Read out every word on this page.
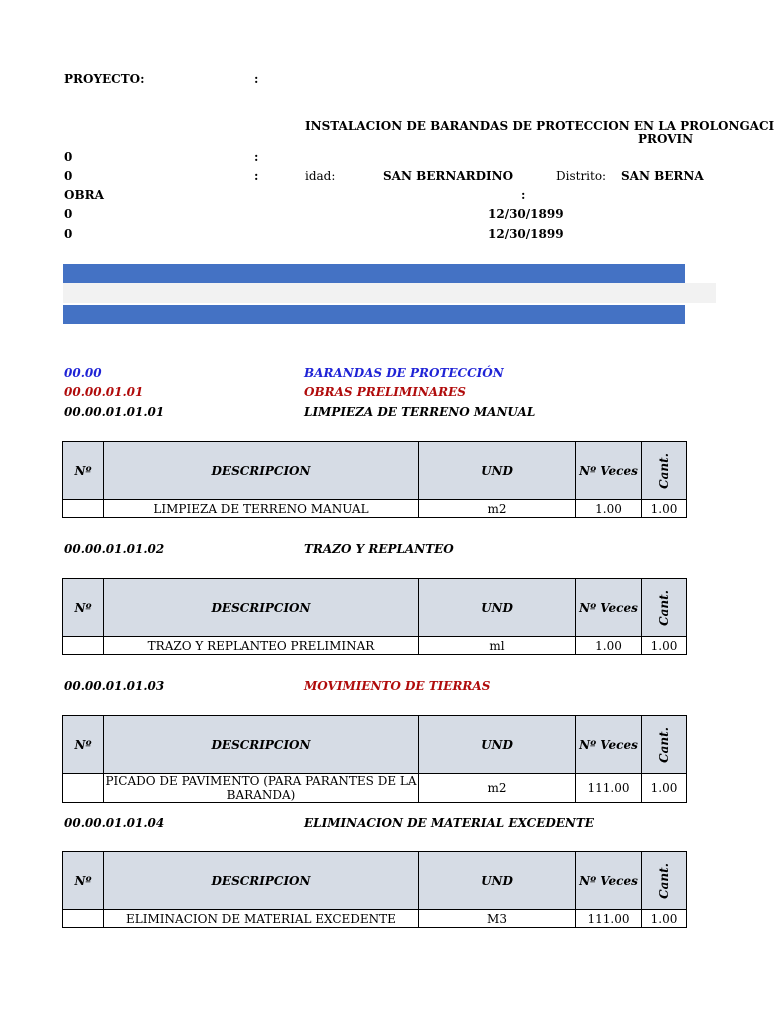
PROYECTO:	:
INSTALACION DE BARANDAS DE PROTECCION EN LA PROLONGACI
PROVIN
0	:
0	:	idad:	SAN BERNARDINO	Distrito: SAN BERNA
OBRA	:
0	12/30/1899
0	12/30/1899
00.00	BARANDAS DE PROTECCIÓN
00.00.01.01	OBRAS PRELIMINARES
00.00.01.01.01	LIMPIEZA DE TERRENO MANUAL
Nº	DESCRIPCION	UND	Nº Veces	Cant.
	LIMPIEZA DE TERRENO MANUAL	m2	1.00	1.00
00.00.01.01.02	TRAZO Y REPLANTEO
Nº	DESCRIPCION	UND	Nº Veces	Cant.
	TRAZO Y REPLANTEO PRELIMINAR	ml	1.00	1.00
00.00.01.01.03	MOVIMIENTO DE TIERRAS
Nº	DESCRIPCION	UND	Nº Veces	Cant.
	PICADO DE PAVIMENTO (PARA PARANTES DE LA BARANDA)	m2	111.00	1.00
00.00.01.01.04	ELIMINACION DE MATERIAL EXCEDENTE
Nº	DESCRIPCION	UND	Nº Veces	Cant.
	ELIMINACION DE MATERIAL EXCEDENTE	M3	111.00	1.00
